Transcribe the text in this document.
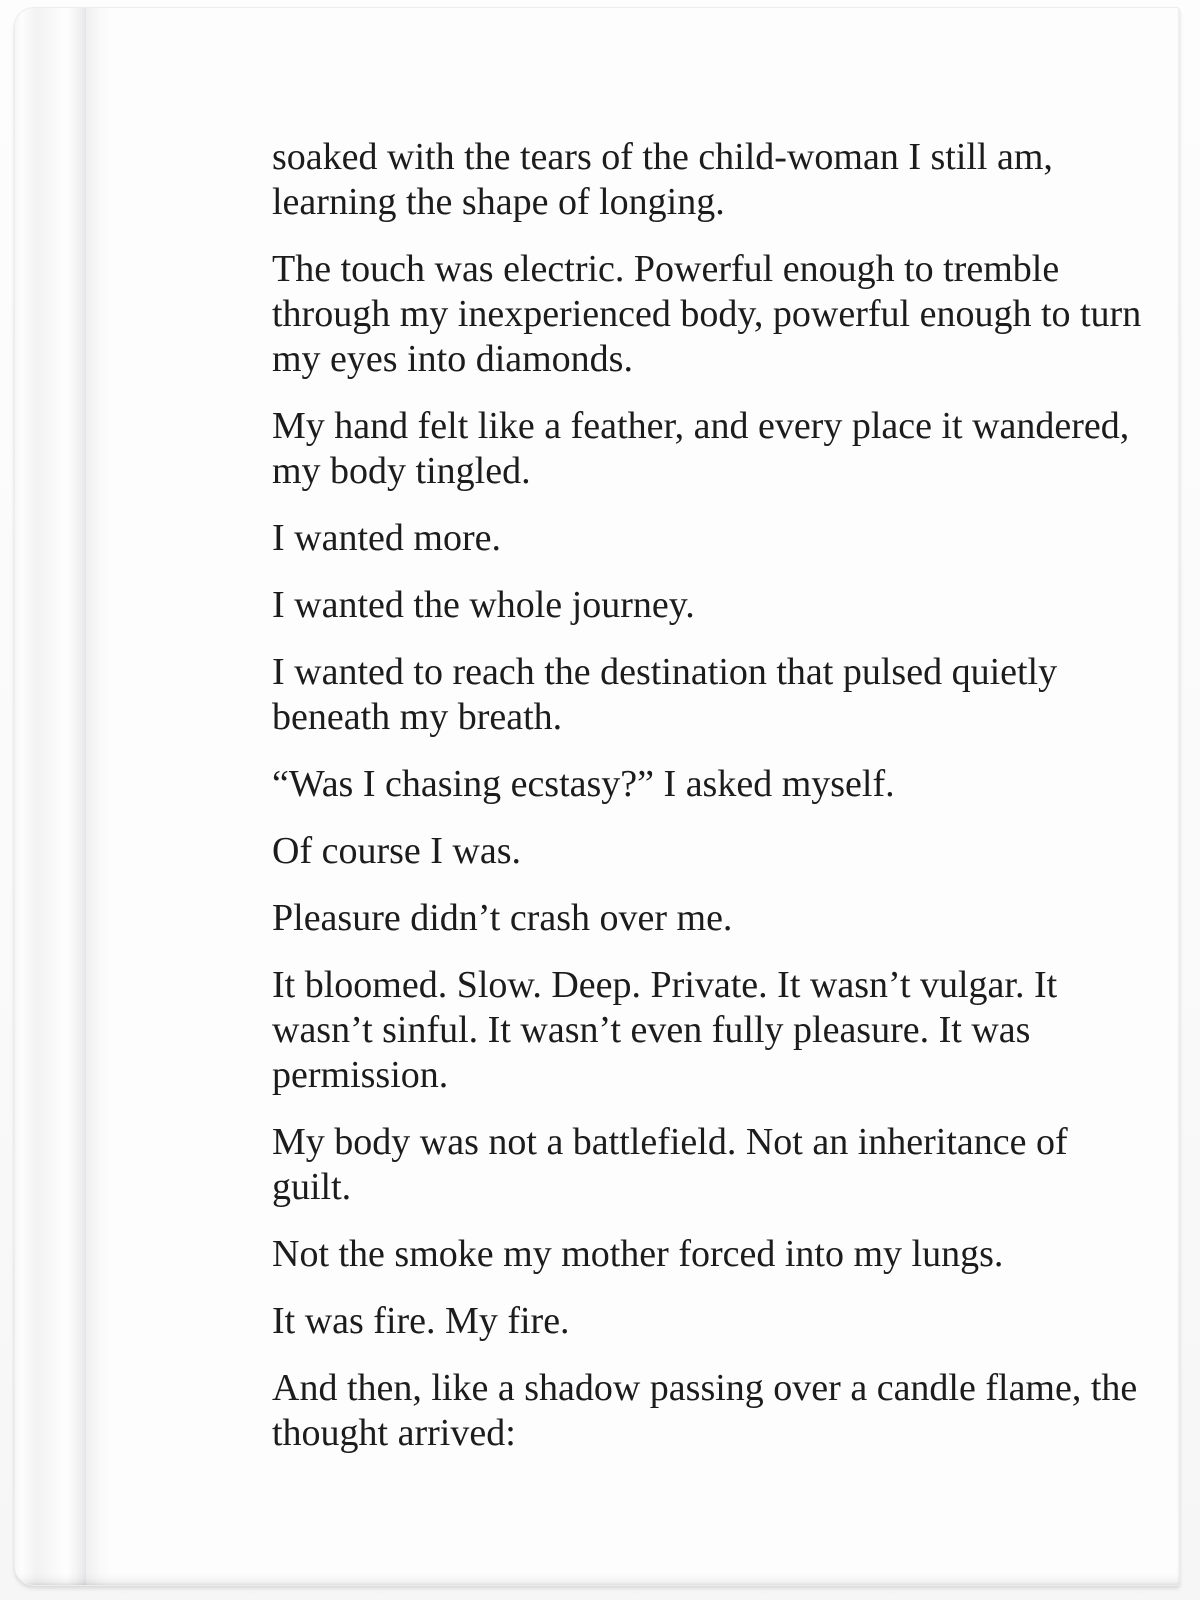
soaked with the tears of the child-woman I still am,
learning the shape of longing.

The touch was electric. Powerful enough to tremble
through my inexperienced body, powerful enough to turn
my eyes into diamonds.

My hand felt like a feather, and every place it wandered,
my body tingled.

I wanted more.

I wanted the whole journey.

I wanted to reach the destination that pulsed quietly
beneath my breath.

“Was I chasing ecstasy?” I asked myself.

Of course I was.

Pleasure didn’t crash over me.

It bloomed. Slow. Deep. Private. It wasn’t vulgar. It
wasn’t sinful. It wasn’t even fully pleasure. It was
permission.

My body was not a battlefield. Not an inheritance of
guilt.

Not the smoke my mother forced into my lungs.

It was fire. My fire.

And then, like a shadow passing over a candle flame, the
thought arrived:
